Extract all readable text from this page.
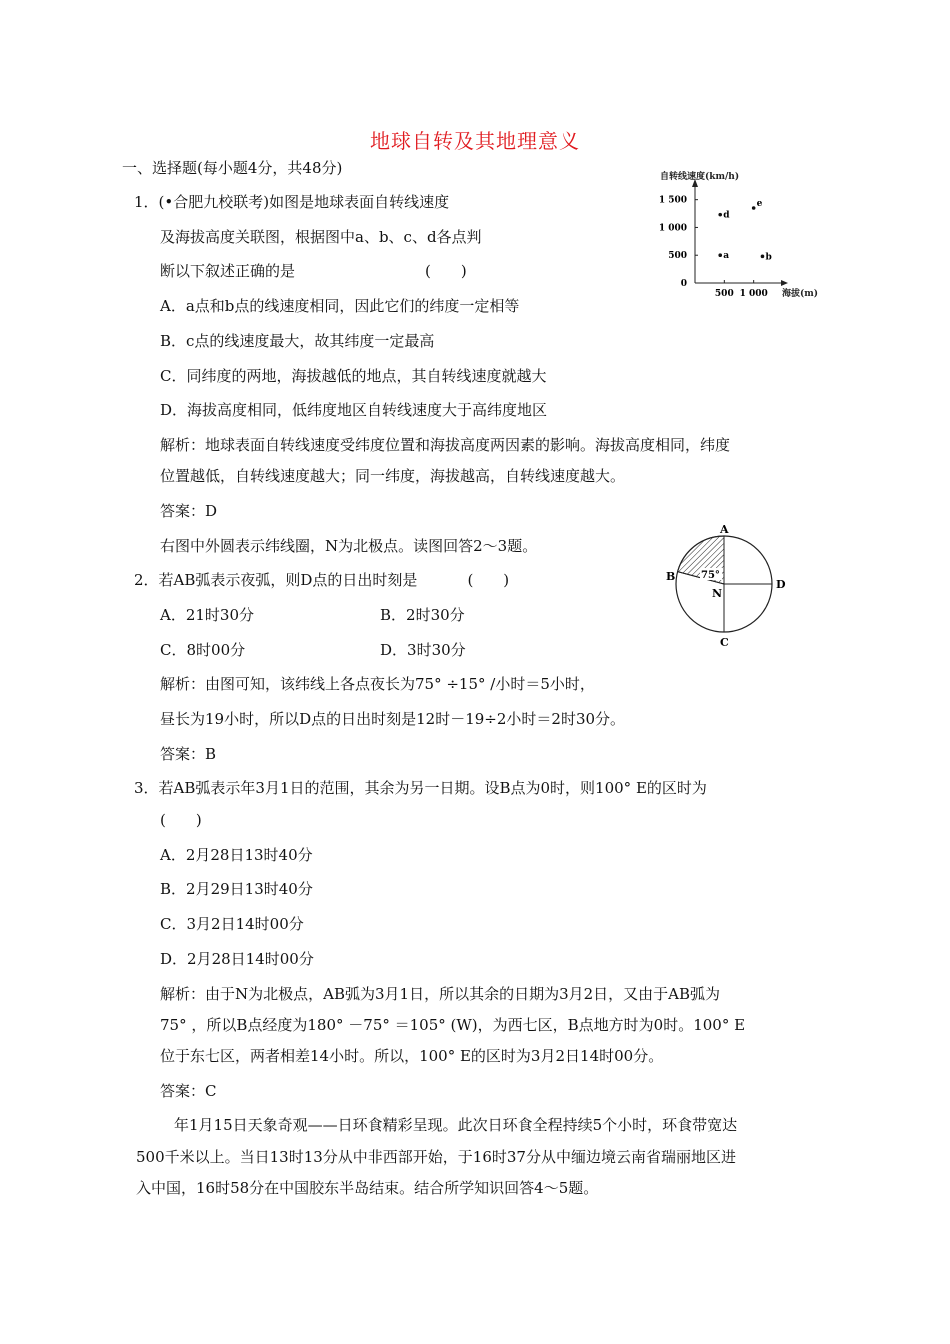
地球自转及其地理意义
一、选择题(每小题4分，共48分)
1．(•合肥九校联考)如图是地球表面自转线速度
及海拔高度关联图，根据图中a、b、c、d各点判
断以下叙述正确的是	(　　)
A．a点和b点的线速度相同，因此它们的纬度一定相等
B．c点的线速度最大，故其纬度一定最高
C．同纬度的两地，海拔越低的地点，其自转线速度就越大
D．海拔高度相同，低纬度地区自转线速度大于高纬度地区
解析：地球表面自转线速度受纬度位置和海拔高度两因素的影响。海拔高度相同，纬度
位置越低，自转线速度越大；同一纬度，海拔越高，自转线速度越大。
答案：D
右图中外圆表示纬线圈，N为北极点。读图回答2～3题。
2．若AB弧表示夜弧，则D点的日出时刻是	(　　)
A．21时30分	B．2时30分
C．8时00分	D．3时30分
解析：由图可知，该纬线上各点夜长为75° ÷15° /小时＝5小时，
昼长为19小时，所以D点的日出时刻是12时－19÷2小时＝2时30分。
答案：B
3．若AB弧表示年3月1日的范围，其余为另一日期。设B点为0时，则100° E的区时为
(　　)
A．2月28日13时40分
B．2月29日13时40分
C．3月2日14时00分
D．2月28日14时00分
解析：由于N为北极点，AB弧为3月1日，所以其余的日期为3月2日，又由于AB弧为
75° ，所以B点经度为180° －75° ＝105° (W)，为西七区，B点地方时为0时。100° E
位于东七区，两者相差14小时。所以，100° E的区时为3月2日14时00分。
答案：C
年1月15日天象奇观——日环食精彩呈现。此次日环食全程持续5个小时，环食带宽达
500千米以上。当日13时13分从中非西部开始，于16时37分从中缅边境云南省瑞丽地区进
入中国，16时58分在中国胶东半岛结束。结合所学知识回答4～5题。
自转线速度(km/h)
海拔(m)
0
500
1 000
1 500
500 1 000
a	b
d
e
A
B
C
D
N
75°
